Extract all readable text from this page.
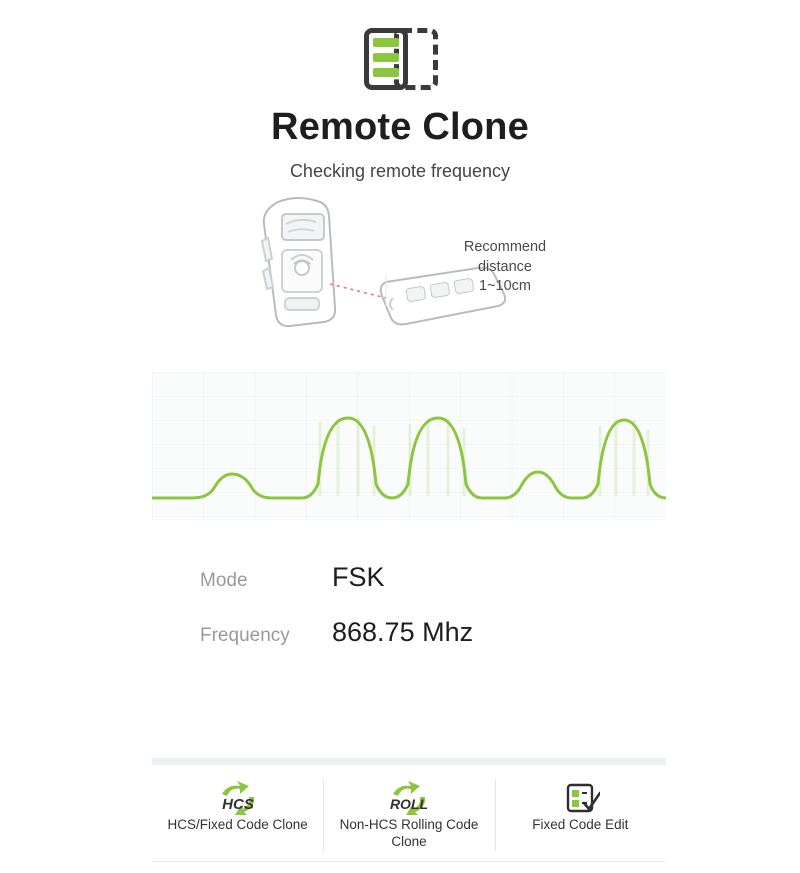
Remote Clone
Checking remote frequency
Recommend distance
1~10cm
Mode	FSK
Frequency	868.75 Mhz
HCS
HCS/Fixed Code Clone
ROLL
Non-HCS Rolling Code Clone
Fixed Code Edit
